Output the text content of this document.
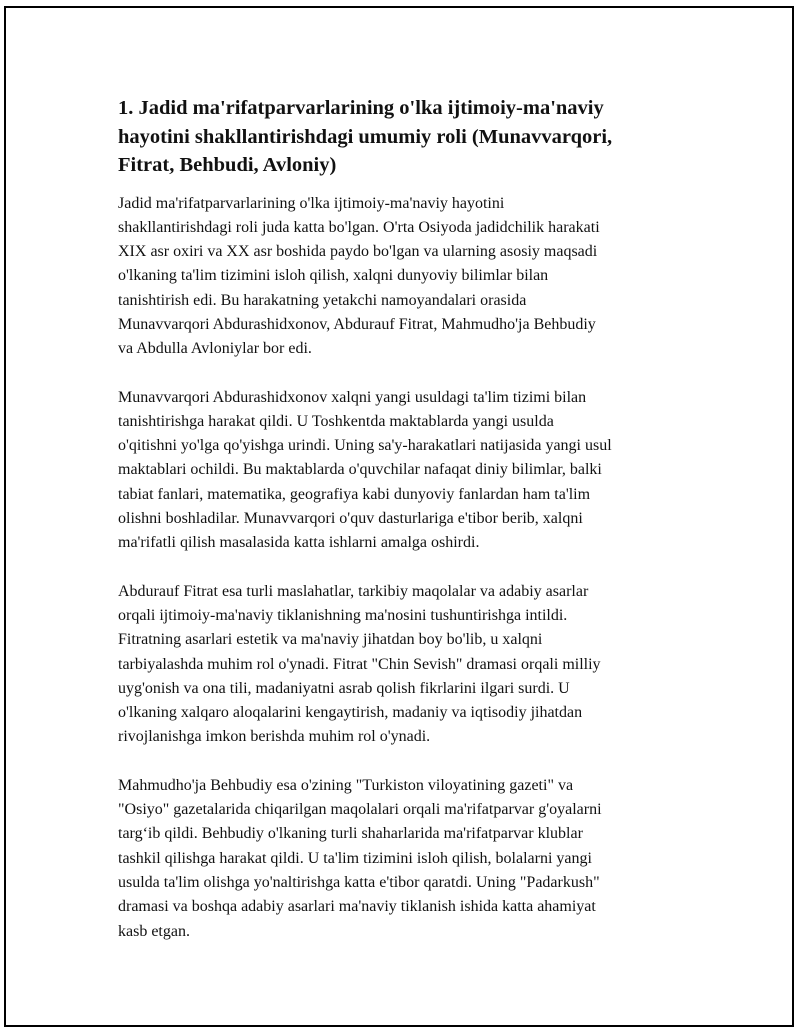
1. Jadid ma'rifatparvarlarining o'lka ijtimoiy-ma'naviy
hayotini shakllantirishdagi umumiy roli (Munavvarqori,
Fitrat, Behbudi, Avloniy)

Jadid ma'rifatparvarlarining o'lka ijtimoiy-ma'naviy hayotini
shakllantirishdagi roli juda katta bo'lgan. O'rta Osiyoda jadidchilik harakati
XIX asr oxiri va XX asr boshida paydo bo'lgan va ularning asosiy maqsadi
o'lkaning ta'lim tizimini isloh qilish, xalqni dunyoviy bilimlar bilan
tanishtirish edi. Bu harakatning yetakchi namoyandalari orasida
Munavvarqori Abdurashidxonov, Abdurauf Fitrat, Mahmudho'ja Behbudiy
va Abdulla Avloniylar bor edi.

Munavvarqori Abdurashidxonov xalqni yangi usuldagi ta'lim tizimi bilan
tanishtirishga harakat qildi. U Toshkentda maktablarda yangi usulda
o'qitishni yo'lga qo'yishga urindi. Uning sa'y-harakatlari natijasida yangi usul
maktablari ochildi. Bu maktablarda o'quvchilar nafaqat diniy bilimlar, balki
tabiat fanlari, matematika, geografiya kabi dunyoviy fanlardan ham ta'lim
olishni boshladilar. Munavvarqori o'quv dasturlariga e'tibor berib, xalqni
ma'rifatli qilish masalasida katta ishlarni amalga oshirdi.

Abdurauf Fitrat esa turli maslahatlar, tarkibiy maqolalar va adabiy asarlar
orqali ijtimoiy-ma'naviy tiklanishning ma'nosini tushuntirishga intildi.
Fitratning asarlari estetik va ma'naviy jihatdan boy bo'lib, u xalqni
tarbiyalashda muhim rol o'ynadi. Fitrat "Chin Sevish" dramasi orqali milliy
uyg'onish va ona tili, madaniyatni asrab qolish fikrlarini ilgari surdi. U
o'lkaning xalqaro aloqalarini kengaytirish, madaniy va iqtisodiy jihatdan
rivojlanishga imkon berishda muhim rol o'ynadi.

Mahmudho'ja Behbudiy esa o'zining "Turkiston viloyatining gazeti" va
"Osiyo" gazetalarida chiqarilgan maqolalari orqali ma'rifatparvar g'oyalarni
targ‘ib qildi. Behbudiy o'lkaning turli shaharlarida ma'rifatparvar klublar
tashkil qilishga harakat qildi. U ta'lim tizimini isloh qilish, bolalarni yangi
usulda ta'lim olishga yo'naltirishga katta e'tibor qaratdi. Uning "Padarkush"
dramasi va boshqa adabiy asarlari ma'naviy tiklanish ishida katta ahamiyat
kasb etgan.
